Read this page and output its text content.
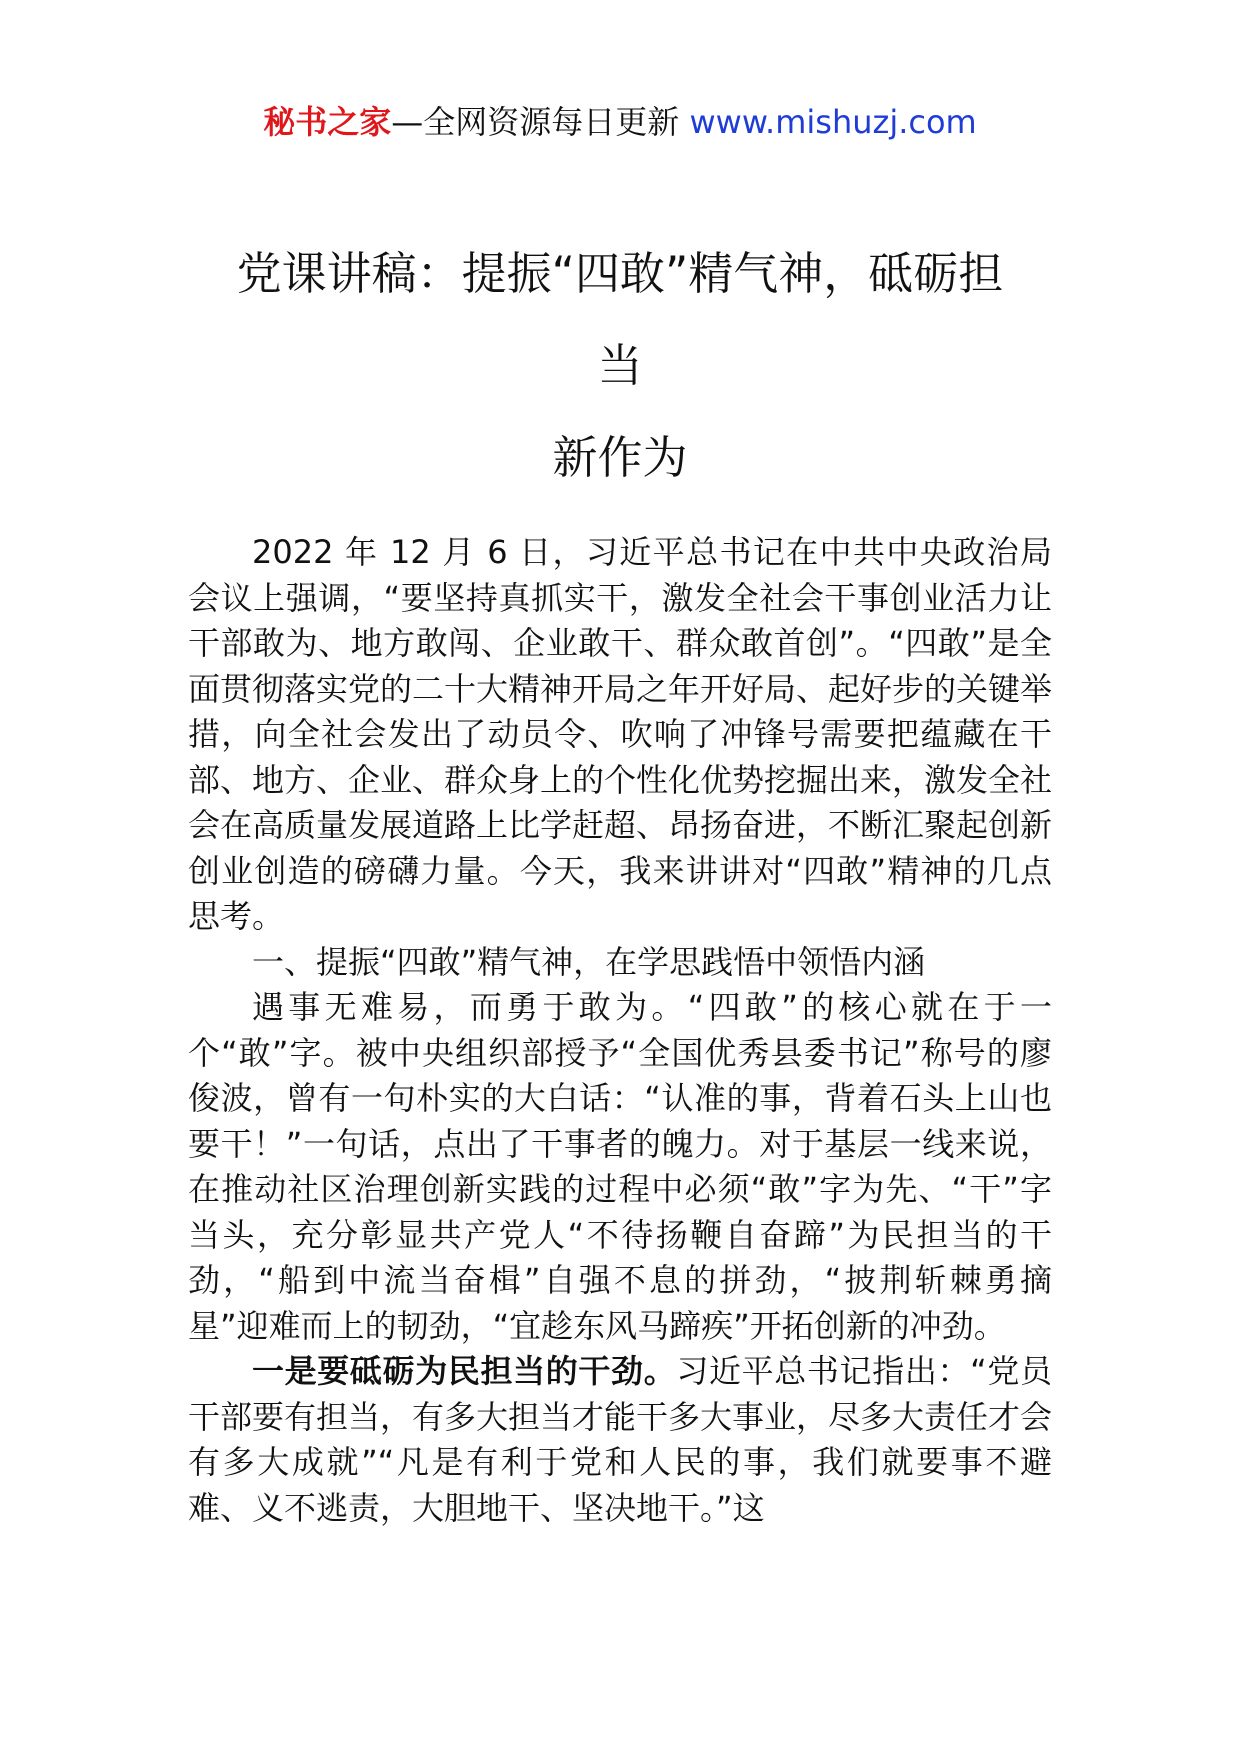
秘书之家—全网资源每日更新 www.mishuzj.com
党课讲稿：提振“四敢”精气神，砥砺担
当
新作为

2022 年 12 月 6 日，习近平总书记在中共中央政治局会议上强调，“要坚持真抓实干，激发全社会干事创业活力让干部敢为、地方敢闯、企业敢干、群众敢首创”。“四敢”是全面贯彻落实党的二十大精神开局之年开好局、起好步的关键举措，向全社会发出了动员令、吹响了冲锋号需要把蕴藏在干部、地方、企业、群众身上的个性化优势挖掘出来，激发全社会在高质量发展道路上比学赶超、昂扬奋进，不断汇聚起创新创业创造的磅礴力量。今天，我来讲讲对“四敢”精神的几点思考。

一、提振“四敢”精气神，在学思践悟中领悟内涵

遇事无难易，而勇于敢为。“四敢”的核心就在于一个“敢”字。被中央组织部授予“全国优秀县委书记”称号的廖俊波，曾有一句朴实的大白话：“认准的事，背着石头上山也要干！”一句话，点出了干事者的魄力。对于基层一线来说，在推动社区治理创新实践的过程中必须“敢”字为先、“干”字当头，充分彰显共产党人“不待扬鞭自奋蹄”为民担当的干劲，“船到中流当奋楫”自强不息的拼劲，“披荆斩棘勇摘星”迎难而上的韧劲，“宜趁东风马蹄疾”开拓创新的冲劲。

一是要砥砺为民担当的干劲。习近平总书记指出：“党员干部要有担当，有多大担当才能干多大事业，尽多大责任才会有多大成就”“凡是有利于党和人民的事，我们就要事不避难、义不逃责，大胆地干、坚决地干。”这
